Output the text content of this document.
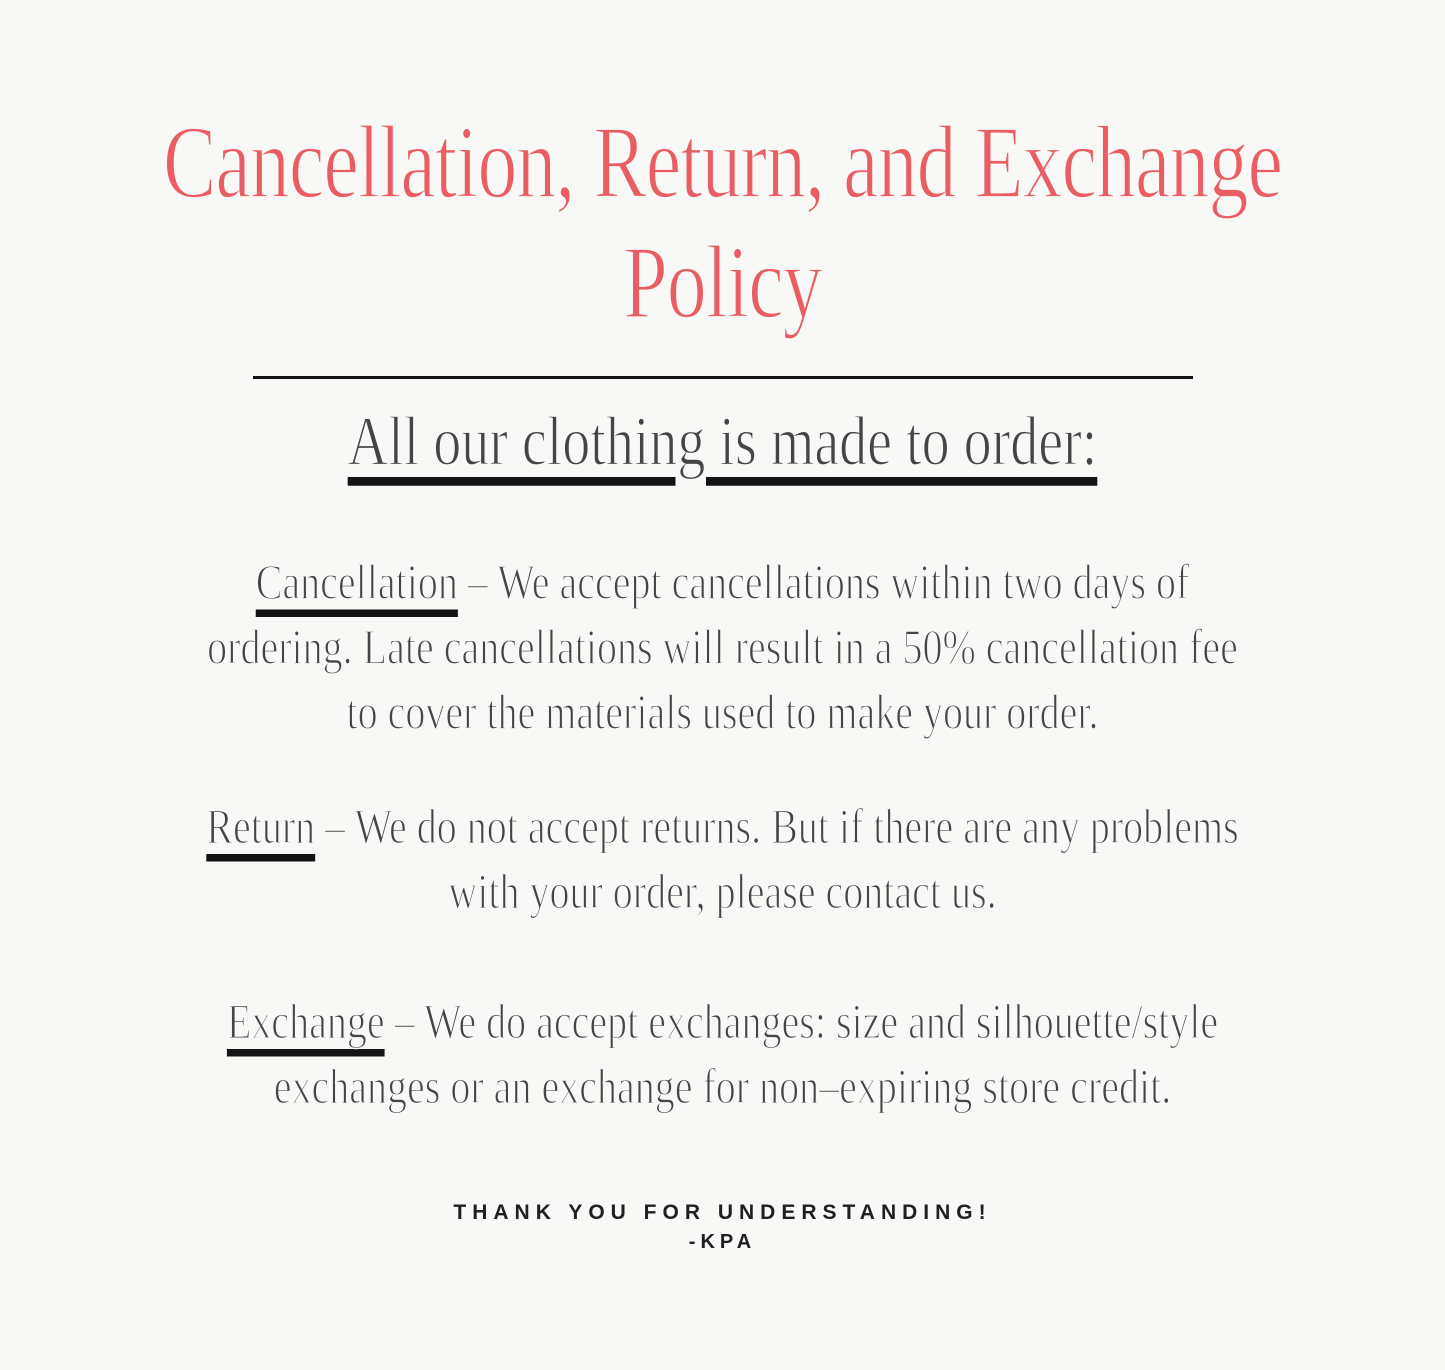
Cancellation, Return, and Exchange
Policy
All our clothing is made to order:

Cancellation – We accept cancellations within two days of

ordering. Late cancellations will result in a 50% cancellation fee

to cover the materials used to make your order.

Return – We do not accept returns. But if there are any problems

with your order, please contact us.

Exchange – We do accept exchanges: size and silhouette/style

exchanges or an exchange for non–expiring store credit.

THANK YOU FOR UNDERSTANDING!
-KPA
